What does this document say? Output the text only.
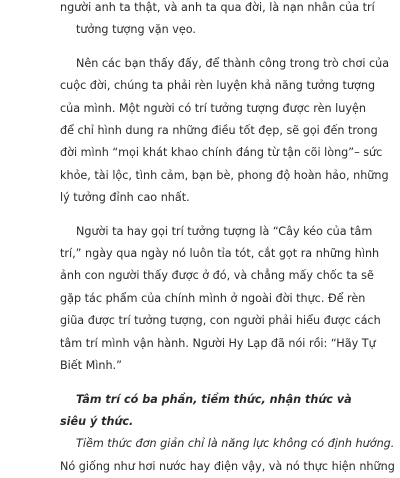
người anh ta thật, và anh ta qua đời, là nạn nhân của trí
tưởng tượng vặn vẹo.

Nên các bạn thấy đấy, để thành công trong trò chơi của
cuộc đời, chúng ta phải rèn luyện khả năng tưởng tượng
của mình. Một người có trí tưởng tượng được rèn luyện
để chỉ hình dung ra những điều tốt đẹp, sẽ gọi đến trong
đời mình “mọi khát khao chính đáng từ tận cõi lòng”– sức
khỏe, tài lộc, tình cảm, bạn bè, phong độ hoàn hảo, những
lý tưởng đỉnh cao nhất.

Người ta hay gọi trí tưởng tượng là “Cây kéo của tâm
trí,” ngày qua ngày nó luôn tỉa tót, cắt gọt ra những hình
ảnh con người thấy được ở đó, và chẳng mấy chốc ta sẽ
gặp tác phẩm của chính mình ở ngoài đời thực. Để rèn
giũa được trí tưởng tượng, con người phải hiểu được cách
tâm trí mình vận hành. Người Hy Lạp đã nói rồi: “Hãy Tự
Biết Mình.”

Tâm trí có ba phần, tiềm thức, nhận thức và siêu ý thức.

Tiềm thức đơn giản chỉ là năng lực không có định hướng.
Nó giống như hơi nước hay điện vậy, và nó thực hiện những
